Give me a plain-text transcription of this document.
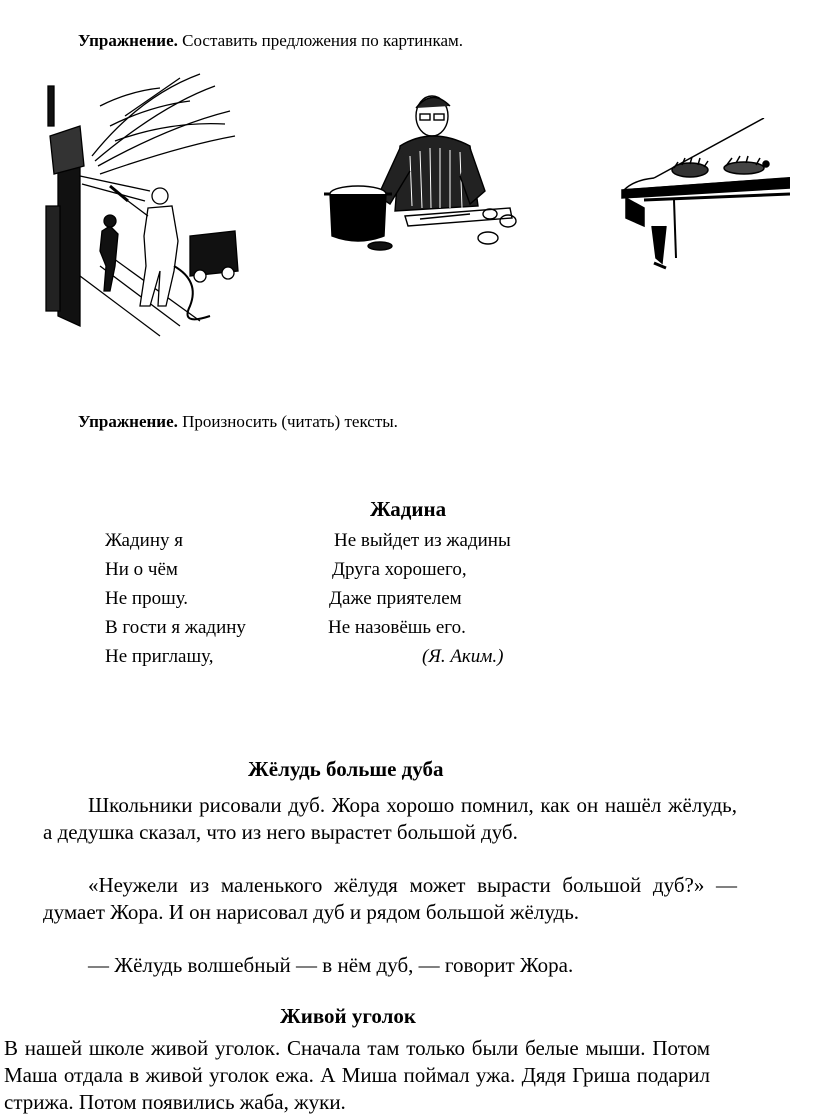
Упражнение. Составить предложения по картинкам.
Упражнение. Произносить (читать) тексты.
Жадина
Жадину я
Ни о чём
Не прошу.
В гости я жадину
Не приглашу,
Не выйдет из жадины
Друга хорошего,
Даже приятелем
Не назовёшь его.
(Я. Аким.)
Жёлудь больше дуба
Школьники рисовали дуб. Жора хорошо помнил, как он нашёл жёлудь, а дедушка сказал, что из него вырастет большой дуб.
«Неужели из маленького жёлудя может вырасти большой дуб?» — думает Жора. И он нарисовал дуб и рядом большой жёлудь.
— Жёлудь волшебный — в нём дуб, — говорит Жора.
Живой уголок
В нашей школе живой уголок. Сначала там только были белые мыши. Потом Маша отдала в живой уголок ежа. А Миша поймал ужа. Дядя Гриша подарил стрижа. Потом появились жаба, жуки.
